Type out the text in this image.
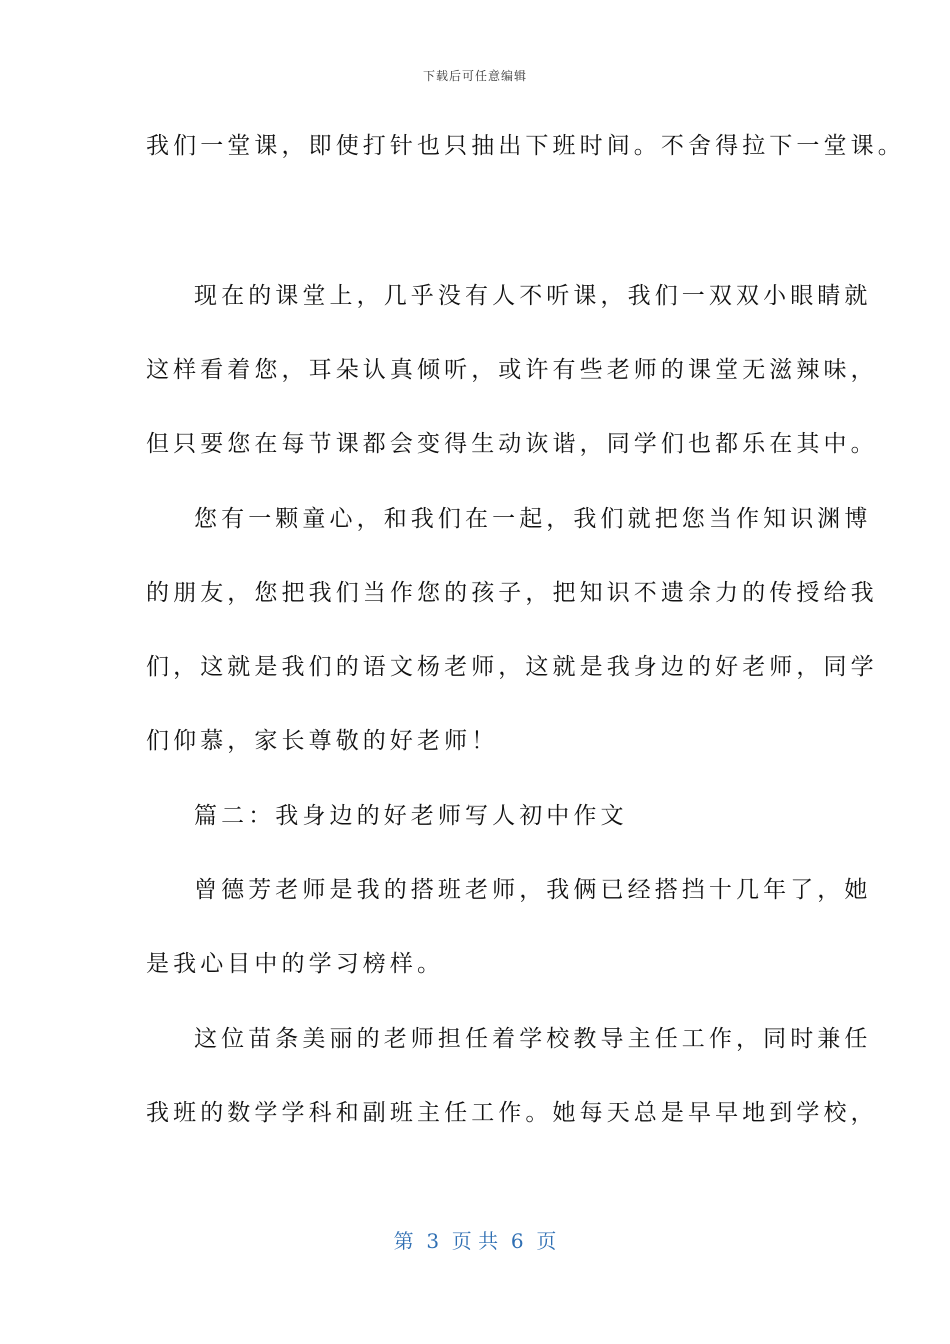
下载后可任意编辑
我们一堂课，即使打针也只抽出下班时间。不舍得拉下一堂课。
现在的课堂上，几乎没有人不听课，我们一双双小眼睛就
这样看着您，耳朵认真倾听，或许有些老师的课堂无滋辣味，
但只要您在每节课都会变得生动诙谐，同学们也都乐在其中。
您有一颗童心，和我们在一起，我们就把您当作知识渊博
的朋友，您把我们当作您的孩子，把知识不遗余力的传授给我
们，这就是我们的语文杨老师，这就是我身边的好老师，同学
们仰慕，家长尊敬的好老师！
篇二：我身边的好老师写人初中作文
曾德芳老师是我的搭班老师，我俩已经搭挡十几年了，她
是我心目中的学习榜样。
这位苗条美丽的老师担任着学校教导主任工作，同时兼任
我班的数学学科和副班主任工作。她每天总是早早地到学校，
第  3  页 共  6  页
